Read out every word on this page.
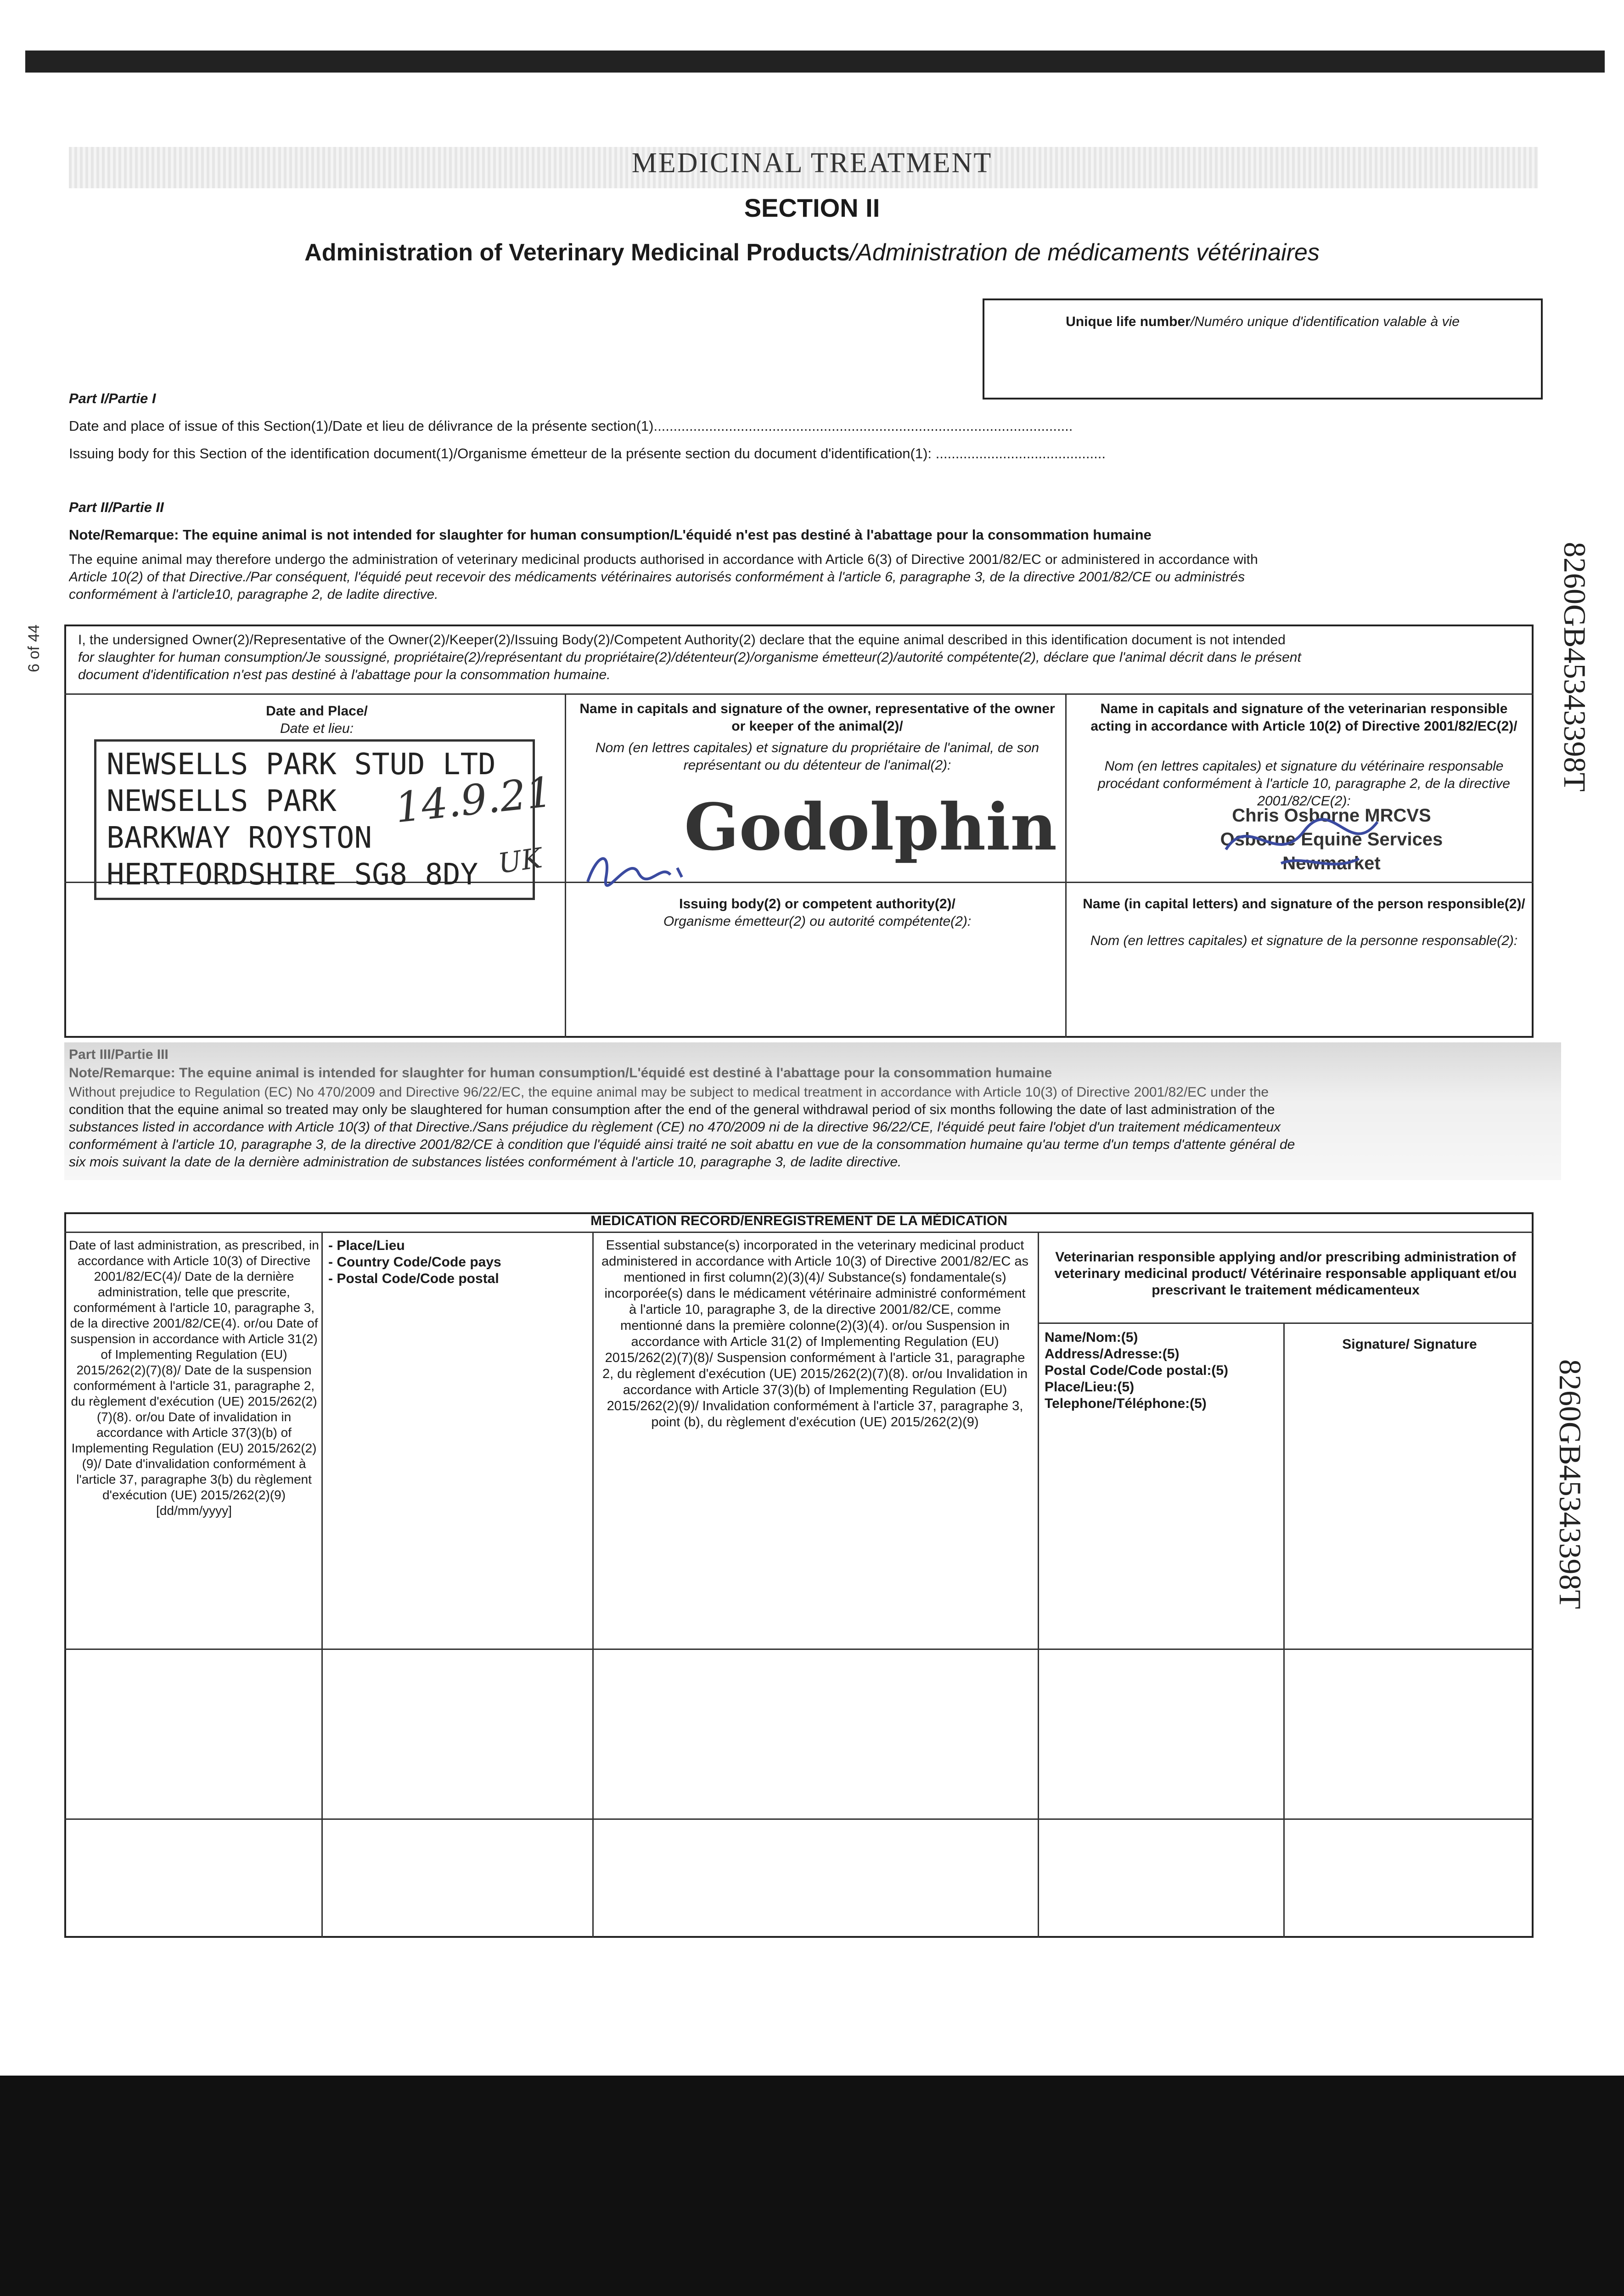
MEDICINAL TREATMENT
SECTION II
Administration of Veterinary Medicinal Products/Administration de médicaments vétérinaires
Unique life number/Numéro unique d'identification valable à vie
Part I/Partie I
Date and place of issue of this Section(1)/Date et lieu de délivrance de la présente section(1)..........................................................................................................
Issuing body for this Section of the identification document(1)/Organisme émetteur de la présente section du document d'identification(1): ...........................................
Part II/Partie II
Note/Remarque: The equine animal is not intended for slaughter for human consumption/L'équidé n'est pas destiné à l'abattage pour la consommation humaine
The equine animal may therefore undergo the administration of veterinary medicinal products authorised in accordance with Article 6(3) of Directive 2001/82/EC or administered in accordance with
Article 10(2) of that Directive./Par conséquent, l'équidé peut recevoir des médicaments vétérinaires autorisés conformément à l'article 6, paragraphe 3, de la directive 2001/82/CE ou administrés
conformément à l'article10, paragraphe 2, de ladite directive.
I, the undersigned Owner(2)/Representative of the Owner(2)/Keeper(2)/Issuing Body(2)/Competent Authority(2) declare that the equine animal described in this identification document is not intended
for slaughter for human consumption/Je soussigné, propriétaire(2)/représentant du propriétaire(2)/détenteur(2)/organisme émetteur(2)/autorité compétente(2), déclare que l'animal décrit dans le présent
document d'identification n'est pas destiné à l'abattage pour la consommation humaine.
Date and Place/
Date et lieu:
Name in capitals and signature of the owner, representative of the owner or keeper of the animal(2)/
Nom (en lettres capitales) et signature du propriétaire de l'animal, de son représentant ou du détenteur de l'animal(2):
Name in capitals and signature of the veterinarian responsible acting in accordance with Article 10(2) of Directive 2001/82/EC(2)/
Nom (en lettres capitales) et signature du vétérinaire responsable procédant conformément à l'article 10, paragraphe 2, de la directive 2001/82/CE(2):
Issuing body(2) or competent authority(2)/
Organisme émetteur(2) ou autorité compétente(2):
Name (in capital letters) and signature of the person responsible(2)/
Nom (en lettres capitales) et signature de la personne responsable(2):
NEWSELLS PARK STUD LTD
NEWSELLS PARK
BARKWAY ROYSTON
HERTFORDSHIRE SG8 8DY
14.9.21
UK Godolphin	Chris Osborne MRCVS
Osborne Equine Services
Newmarket
Part III/Partie III
Note/Remarque: The equine animal is intended for slaughter for human consumption/L'équidé est destiné à l'abattage pour la consommation humaine
Without prejudice to Regulation (EC) No 470/2009 and Directive 96/22/EC, the equine animal may be subject to medical treatment in accordance with Article 10(3) of Directive 2001/82/EC under the
condition that the equine animal so treated may only be slaughtered for human consumption after the end of the general withdrawal period of six months following the date of last administration of the
substances listed in accordance with Article 10(3) of that Directive./Sans préjudice du règlement (CE) no 470/2009 ni de la directive 96/22/CE, l'équidé peut faire l'objet d'un traitement médicamenteux
conformément à l'article 10, paragraphe 3, de la directive 2001/82/CE à condition que l'équidé ainsi traité ne soit abattu en vue de la consommation humaine qu'au terme d'un temps d'attente général de
six mois suivant la date de la dernière administration de substances listées conformément à l'article 10, paragraphe 3, de ladite directive.
MEDICATION RECORD/ENREGISTREMENT DE LA MÉDICATION
Date of last administration, as prescribed, in accordance with Article 10(3) of Directive 2001/82/EC(4)/ Date de la dernière administration, telle que prescrite, conformément à l'article 10, paragraphe 3, de la directive 2001/82/CE(4). or/ou Date of suspension in accordance with Article 31(2) of Implementing Regulation (EU) 2015/262(2)(7)(8)/ Date de la suspension conformément à l'article 31, paragraphe 2, du règlement d'exécution (UE) 2015/262(2)(7)(8). or/ou Date of invalidation in accordance with Article 37(3)(b) of Implementing Regulation (EU) 2015/262(2)(9)/ Date d'invalidation conformément à l'article 37, paragraphe 3(b) du règlement d'exécution (UE) 2015/262(2)(9) [dd/mm/yyyy]
- Place/Lieu
- Country Code/Code pays
- Postal Code/Code postal
Essential substance(s) incorporated in the veterinary medicinal product administered in accordance with Article 10(3) of Directive 2001/82/EC as mentioned in first column(2)(3)(4)/ Substance(s) fondamentale(s) incorporée(s) dans le médicament vétérinaire administré conformément à l'article 10, paragraphe 3, de la directive 2001/82/CE, comme mentionné dans la première colonne(2)(3)(4). or/ou Suspension in accordance with Article 31(2) of Implementing Regulation (EU) 2015/262(2)(7)(8)/ Suspension conformément à l'article 31, paragraphe 2, du règlement d'exécution (UE) 2015/262(2)(7)(8). or/ou Invalidation in accordance with Article 37(3)(b) of Implementing Regulation (EU) 2015/262(2)(9)/ Invalidation conformément à l'article 37, paragraphe 3, point (b), du règlement d'exécution (UE) 2015/262(2)(9)
Veterinarian responsible applying and/or prescribing administration of veterinary medicinal product/ Vétérinaire responsable appliquant et/ou prescrivant le traitement médicamenteux
Name/Nom:(5)
Address/Adresse:(5)
Postal Code/Code postal:(5)
Place/Lieu:(5)
Telephone/Téléphone:(5)
Signature/ Signature
8260GB45343398T
8260GB45343398T
6 of 44
